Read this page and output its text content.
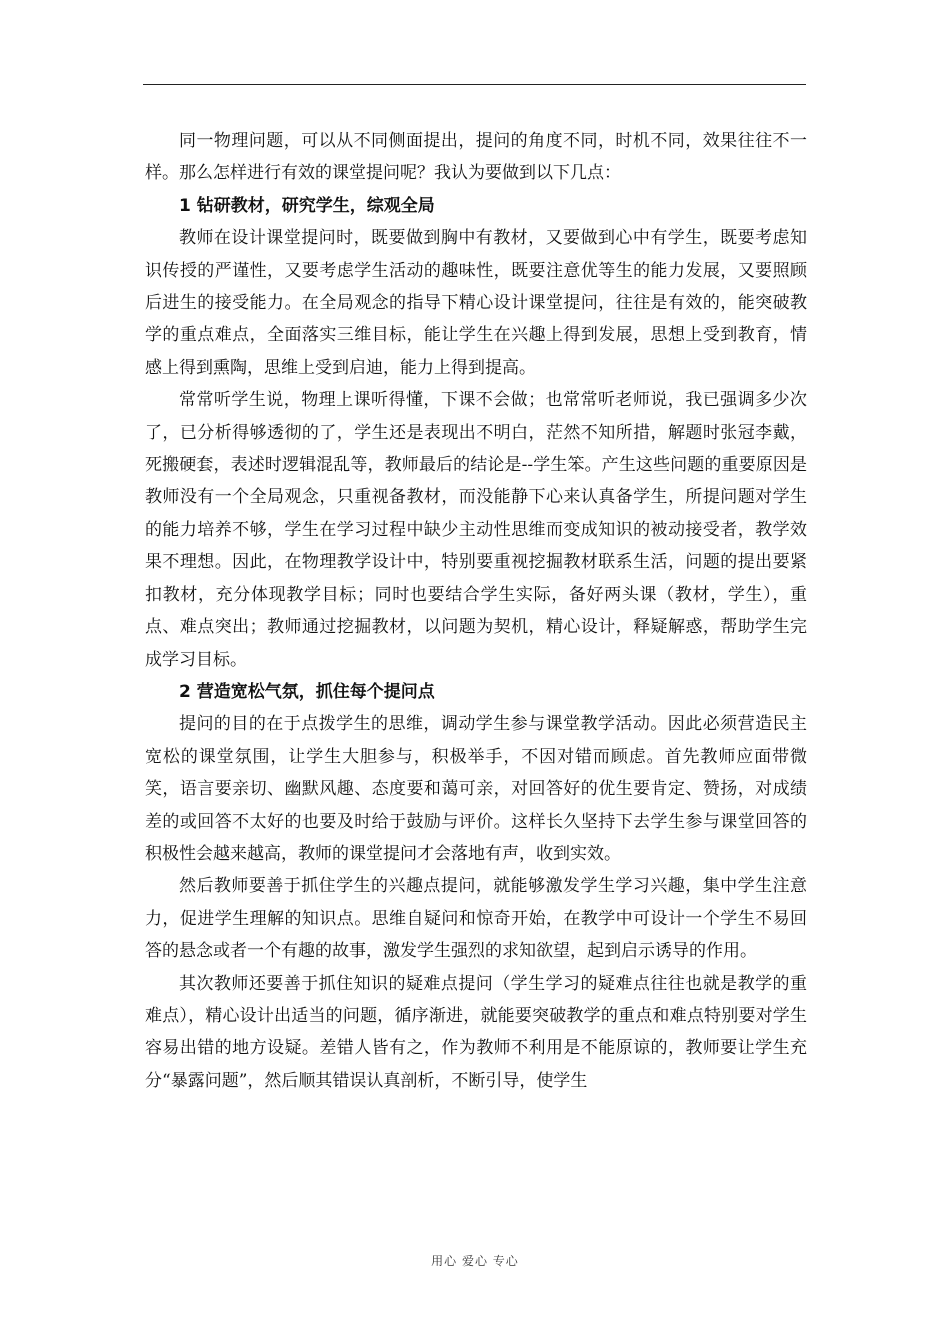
同一物理问题，可以从不同侧面提出，提问的角度不同，时机不同，效果往往不一样。那么怎样进行有效的课堂提问呢？我认为要做到以下几点：

1 钻研教材，研究学生，综观全局

教师在设计课堂提问时，既要做到胸中有教材，又要做到心中有学生，既要考虑知识传授的严谨性，又要考虑学生活动的趣味性，既要注意优等生的能力发展，又要照顾后进生的接受能力。在全局观念的指导下精心设计课堂提问，往往是有效的，能突破教学的重点难点，全面落实三维目标，能让学生在兴趣上得到发展，思想上受到教育，情感上得到熏陶，思维上受到启迪，能力上得到提高。

常常听学生说，物理上课听得懂，下课不会做；也常常听老师说，我已强调多少次了，已分析得够透彻的了，学生还是表现出不明白，茫然不知所措，解题时张冠李戴，死搬硬套，表述时逻辑混乱等，教师最后的结论是--学生笨。产生这些问题的重要原因是教师没有一个全局观念，只重视备教材，而没能静下心来认真备学生，所提问题对学生的能力培养不够，学生在学习过程中缺少主动性思维而变成知识的被动接受者，教学效果不理想。因此，在物理教学设计中，特别要重视挖掘教材联系生活，问题的提出要紧扣教材，充分体现教学目标；同时也要结合学生实际，备好两头课（教材，学生），重点、难点突出；教师通过挖掘教材，以问题为契机，精心设计，释疑解惑，帮助学生完成学习目标。

2 营造宽松气氛，抓住每个提问点

提问的目的在于点拨学生的思维，调动学生参与课堂教学活动。因此必须营造民主宽松的课堂氛围，让学生大胆参与，积极举手，不因对错而顾虑。首先教师应面带微笑，语言要亲切、幽默风趣、态度要和蔼可亲，对回答好的优生要肯定、赞扬，对成绩差的或回答不太好的也要及时给于鼓励与评价。这样长久坚持下去学生参与课堂回答的积极性会越来越高，教师的课堂提问才会落地有声，收到实效。

然后教师要善于抓住学生的兴趣点提问，就能够激发学生学习兴趣，集中学生注意力，促进学生理解的知识点。思维自疑问和惊奇开始，在教学中可设计一个学生不易回答的悬念或者一个有趣的故事，激发学生强烈的求知欲望，起到启示诱导的作用。

其次教师还要善于抓住知识的疑难点提问（学生学习的疑难点往往也就是教学的重难点），精心设计出适当的问题，循序渐进，就能要突破教学的重点和难点特别要对学生容易出错的地方设疑。差错人皆有之，作为教师不利用是不能原谅的，教师要让学生充分“暴露问题”，然后顺其错误认真剖析，不断引导，使学生

用心 爱心 专心
